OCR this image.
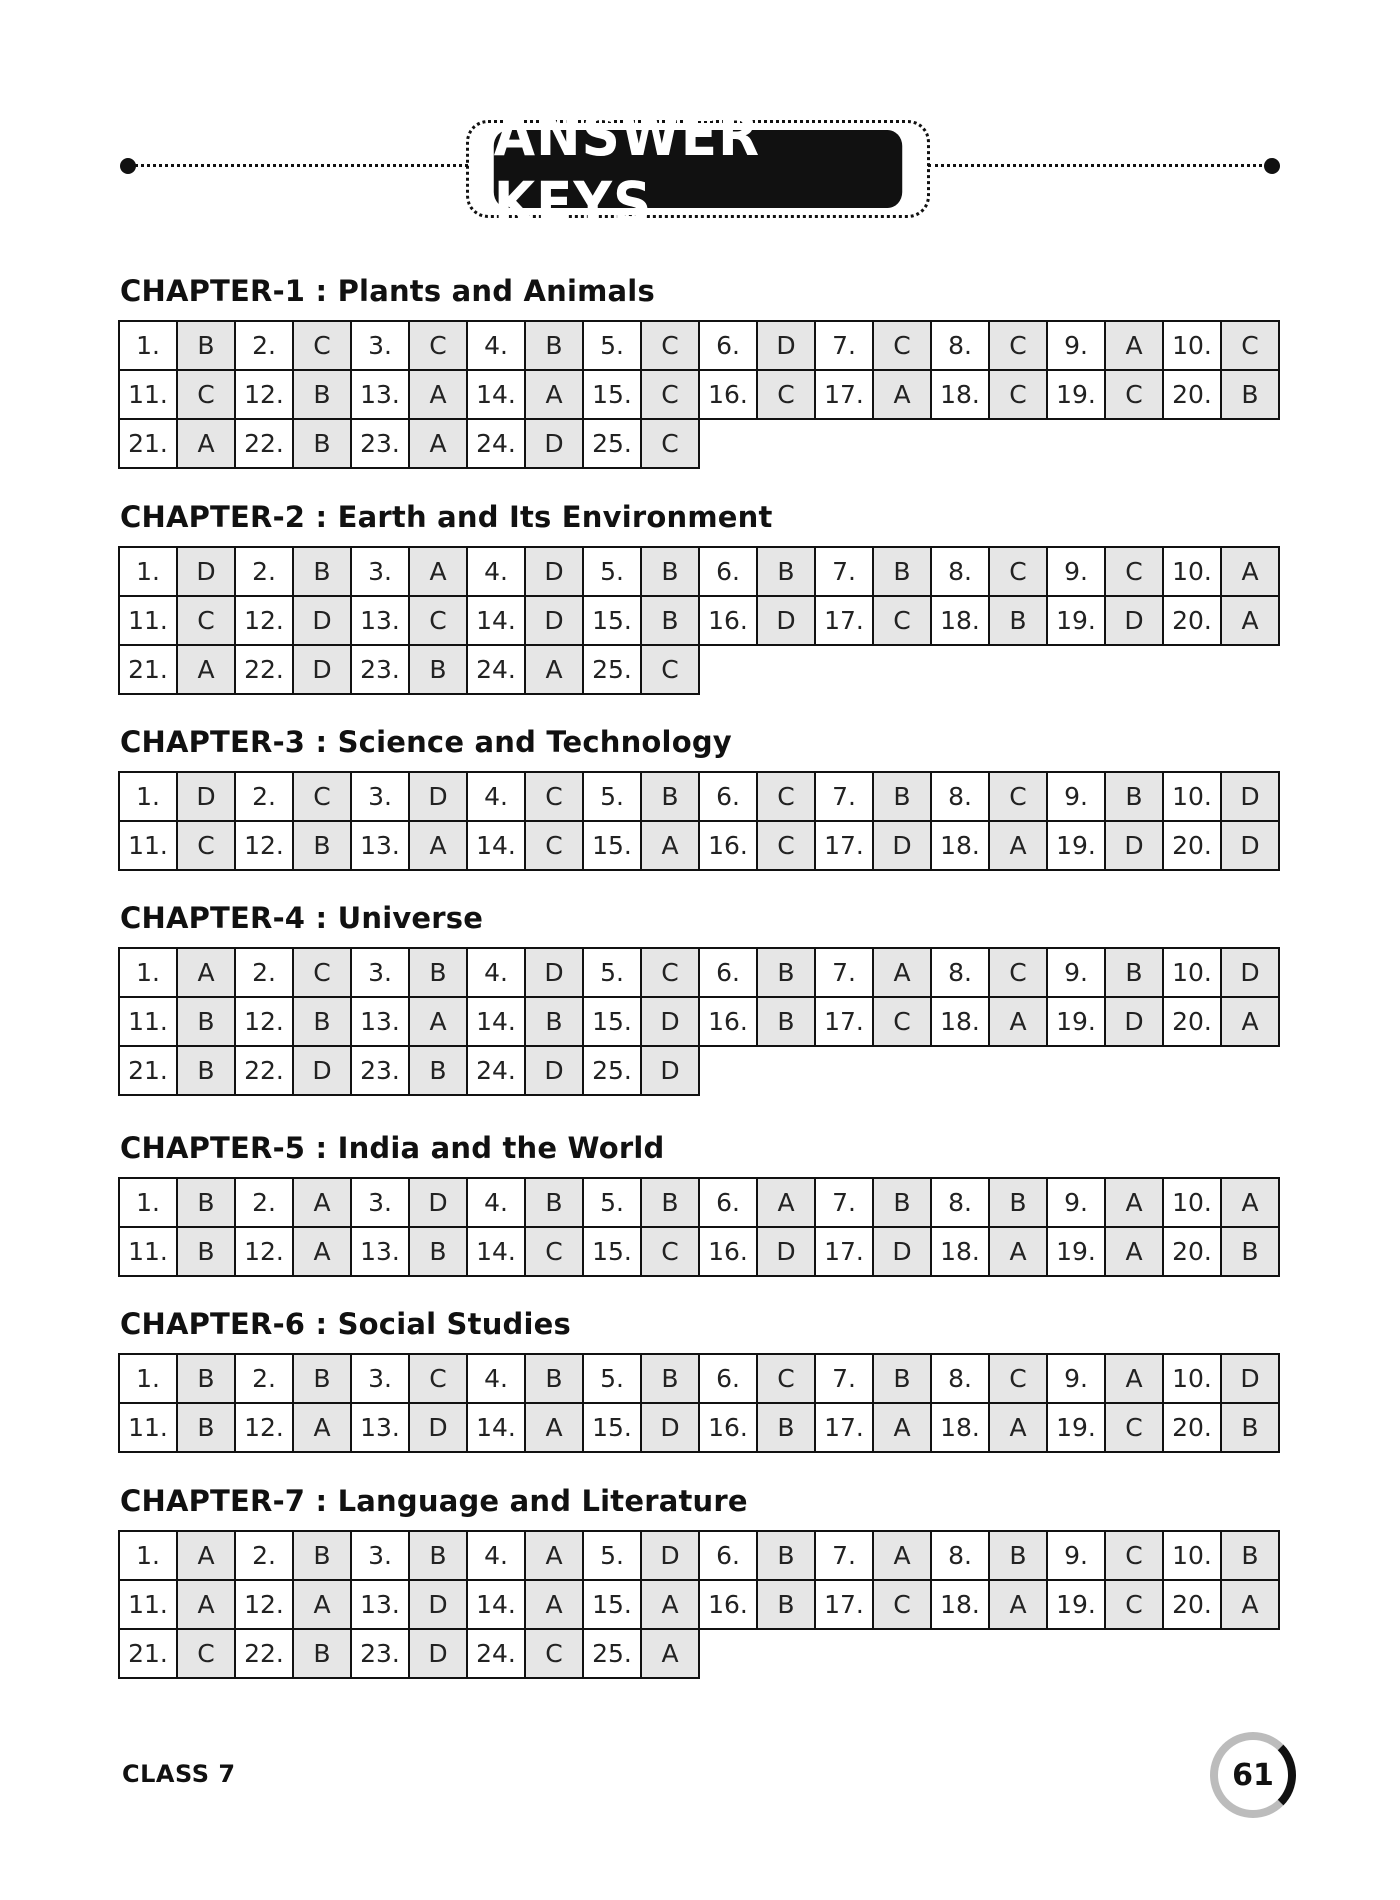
ANSWER KEYS
CHAPTER-1 : Plants and Animals
1.	B	2.	C	3.	C	4.	B	5.	C	6.	D	7.	C	8.	C	9.	A	10.	C
11.	C	12.	B	13.	A	14.	A	15.	C	16.	C	17.	A	18.	C	19.	C	20.	B
21.	A	22.	B	23.	A	24.	D	25.	C
CHAPTER-2 : Earth and Its Environment
1.	D	2.	B	3.	A	4.	D	5.	B	6.	B	7.	B	8.	C	9.	C	10.	A
11.	C	12.	D	13.	C	14.	D	15.	B	16.	D	17.	C	18.	B	19.	D	20.	A
21.	A	22.	D	23.	B	24.	A	25.	C
CHAPTER-3 : Science and Technology
1.	D	2.	C	3.	D	4.	C	5.	B	6.	C	7.	B	8.	C	9.	B	10.	D
11.	C	12.	B	13.	A	14.	C	15.	A	16.	C	17.	D	18.	A	19.	D	20.	D
CHAPTER-4 : Universe
1.	A	2.	C	3.	B	4.	D	5.	C	6.	B	7.	A	8.	C	9.	B	10.	D
11.	B	12.	B	13.	A	14.	B	15.	D	16.	B	17.	C	18.	A	19.	D	20.	A
21.	B	22.	D	23.	B	24.	D	25.	D
CHAPTER-5 : India and the World
1.	B	2.	A	3.	D	4.	B	5.	B	6.	A	7.	B	8.	B	9.	A	10.	A
11.	B	12.	A	13.	B	14.	C	15.	C	16.	D	17.	D	18.	A	19.	A	20.	B
CHAPTER-6 : Social Studies
1.	B	2.	B	3.	C	4.	B	5.	B	6.	C	7.	B	8.	C	9.	A	10.	D
11.	B	12.	A	13.	D	14.	A	15.	D	16.	B	17.	A	18.	A	19.	C	20.	B
CHAPTER-7 : Language and Literature
1.	A	2.	B	3.	B	4.	A	5.	D	6.	B	7.	A	8.	B	9.	C	10.	B
11.	A	12.	A	13.	D	14.	A	15.	A	16.	B	17.	C	18.	A	19.	C	20.	A
21.	C	22.	B	23.	D	24.	C	25.	A
CLASS 7	61
